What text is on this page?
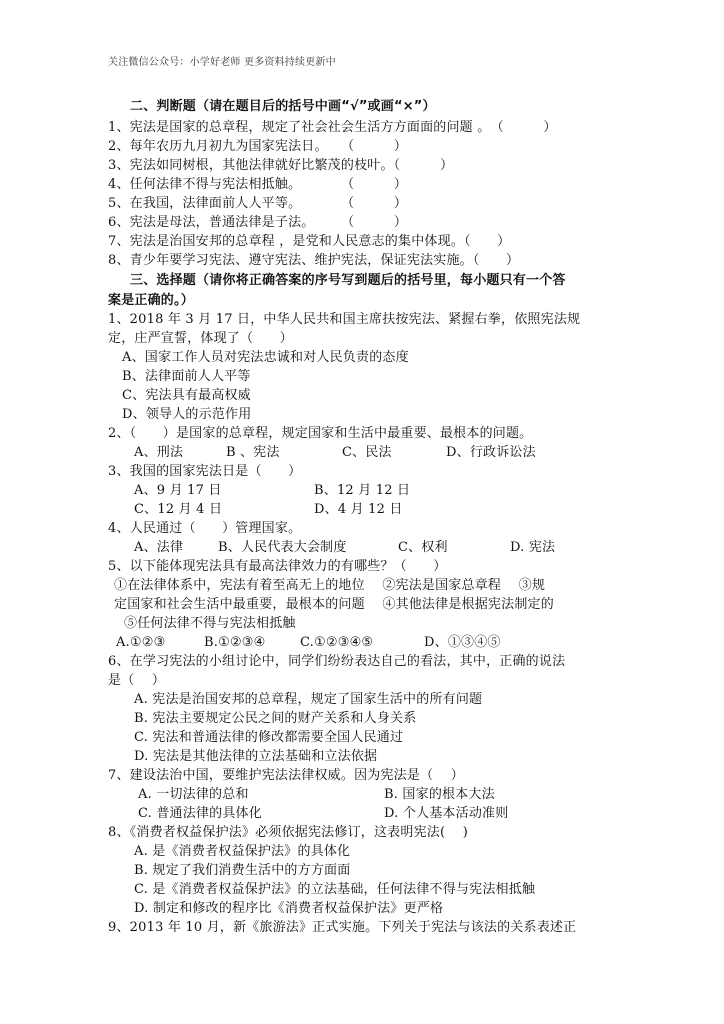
关注微信公众号：小学好老师 更多资料持续更新中
二、判断题（请在题目后的括号中画“√”或画“×”）
1、宪法是国家的总章程，规定了社会社会生活方方面面的问题 。　（　　　）
2、每年农历九月初九为国家宪法日。　　（　　　）
3、宪法如同树根，其他法律就好比繁茂的枝叶。（　　　）
4、任何法律不得与宪法相抵触。　　　　（　　　）
5、在我国，法律面前人人平等。　　　　（　　　）
6、宪法是母法，普通法律是子法。　　　（　　　）
7、宪法是治国安邦的总章程 ，是党和人民意志的集中体现。（　　）
8、青少年要学习宪法、遵守宪法、维护宪法，保证宪法实施。（　　）
三、选择题（请你将正确答案的序号写到题后的括号里，每小题只有一个答
案是正确的。）
1、2018 年 3 月 17 日，中华人民共和国主席扶按宪法、紧握右拳，依照宪法规
定，庄严宣誓，体现了（　　）
A、国家工作人员对宪法忠诚和对人民负责的态度
B、法律面前人人平等
C、宪法具有最高权威
D、领导人的示范作用
2、（　　）是国家的总章程，规定国家和生活中最重要、最根本的问题。
A、刑法	B 、宪法	C、民法	D、行政诉讼法
3、我国的国家宪法日是（　　）
A、9 月 17 日	B、12 月 12 日
C、12 月 4 日	D、4 月 12 日
4、人民通过（　　）管理国家。
A、法律	B、人民代表大会制度	C、权利	D. 宪法
5、以下能体现宪法具有最高法律效力的有哪些？（　　）
①在法律体系中，宪法有着至高无上的地位　 ②宪法是国家总章程　 ③规
定国家和社会生活中最重要，最根本的问题　 ④其他法律是根据宪法制定的
⑤任何法律不得与宪法相抵触
A.①②③	B.①②③④	C.①②③④⑤	D、①③④⑤
6、在学习宪法的小组讨论中，同学们纷纷表达自己的看法，其中，正确的说法
是（　 ）
A. 宪法是治国安邦的总章程，规定了国家生活中的所有问题
B. 宪法主要规定公民之间的财产关系和人身关系
C. 宪法和普通法律的修改都需要全国人民通过
D. 宪法是其他法律的立法基础和立法依据
7、建设法治中国，要维护宪法法律权威。因为宪法是（　 ）
A. 一切法律的总和	B. 国家的根本大法
C. 普通法律的具体化	D. 个人基本活动准则
8、《消费者权益保护法》必须依据宪法修订，这表明宪法(　 )
A. 是《消费者权益保护法》的具体化
B. 规定了我们消费生活中的方方面面
C. 是《消费者权益保护法》的立法基础，任何法律不得与宪法相抵触
D. 制定和修改的程序比《消费者权益保护法》更严格
9、2013 年 10 月，新《旅游法》正式实施。下列关于宪法与该法的关系表述正
